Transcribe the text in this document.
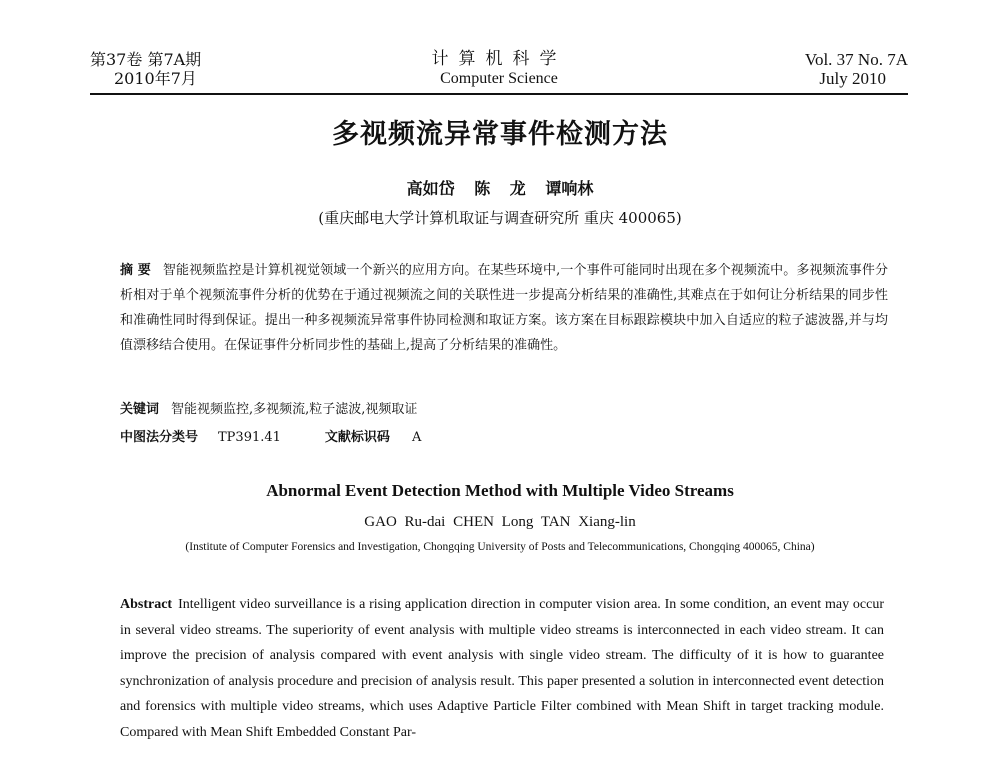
第37卷 第7A期
2010年7月
计算机科学
Computer Science
Vol. 37 No. 7A
July 2010
多视频流异常事件检测方法
高如岱 陈 龙 谭响林
(重庆邮电大学计算机取证与调查研究所 重庆 400065)
摘 要 智能视频监控是计算机视觉领域一个新兴的应用方向。在某些环境中,一个事件可能同时出现在多个视频流中。多视频流事件分析相对于单个视频流事件分析的优势在于通过视频流之间的关联性进一步提高分析结果的准确性,其难点在于如何让分析结果的同步性和准确性同时得到保证。提出一种多视频流异常事件协同检测和取证方案。该方案在目标跟踪模块中加入自适应的粒子滤波器,并与均值漂移结合使用。在保证事件分析同步性的基础上,提高了分析结果的准确性。
关键词 智能视频监控,多视频流,粒子滤波,视频取证
中图法分类号 TP391.41	文献标识码 A
Abnormal Event Detection Method with Multiple Video Streams
GAO Ru-dai CHEN Long TAN Xiang-lin
(Institute of Computer Forensics and Investigation, Chongqing University of Posts and Telecommunications, Chongqing 400065, China)
Abstract Intelligent video surveillance is a rising application direction in computer vision area. In some condition, an event may occur in several video streams. The superiority of event analysis with multiple video streams is interconnected in each video stream. It can improve the precision of analysis compared with event analysis with single video stream. The difficulty of it is how to guarantee synchronization of analysis procedure and precision of analysis result. This paper presented a solution in interconnected event detection and forensics with multiple video streams, which uses Adaptive Particle Filter combined with Mean Shift in target tracking module. Compared with Mean Shift Embedded Constant Par-
